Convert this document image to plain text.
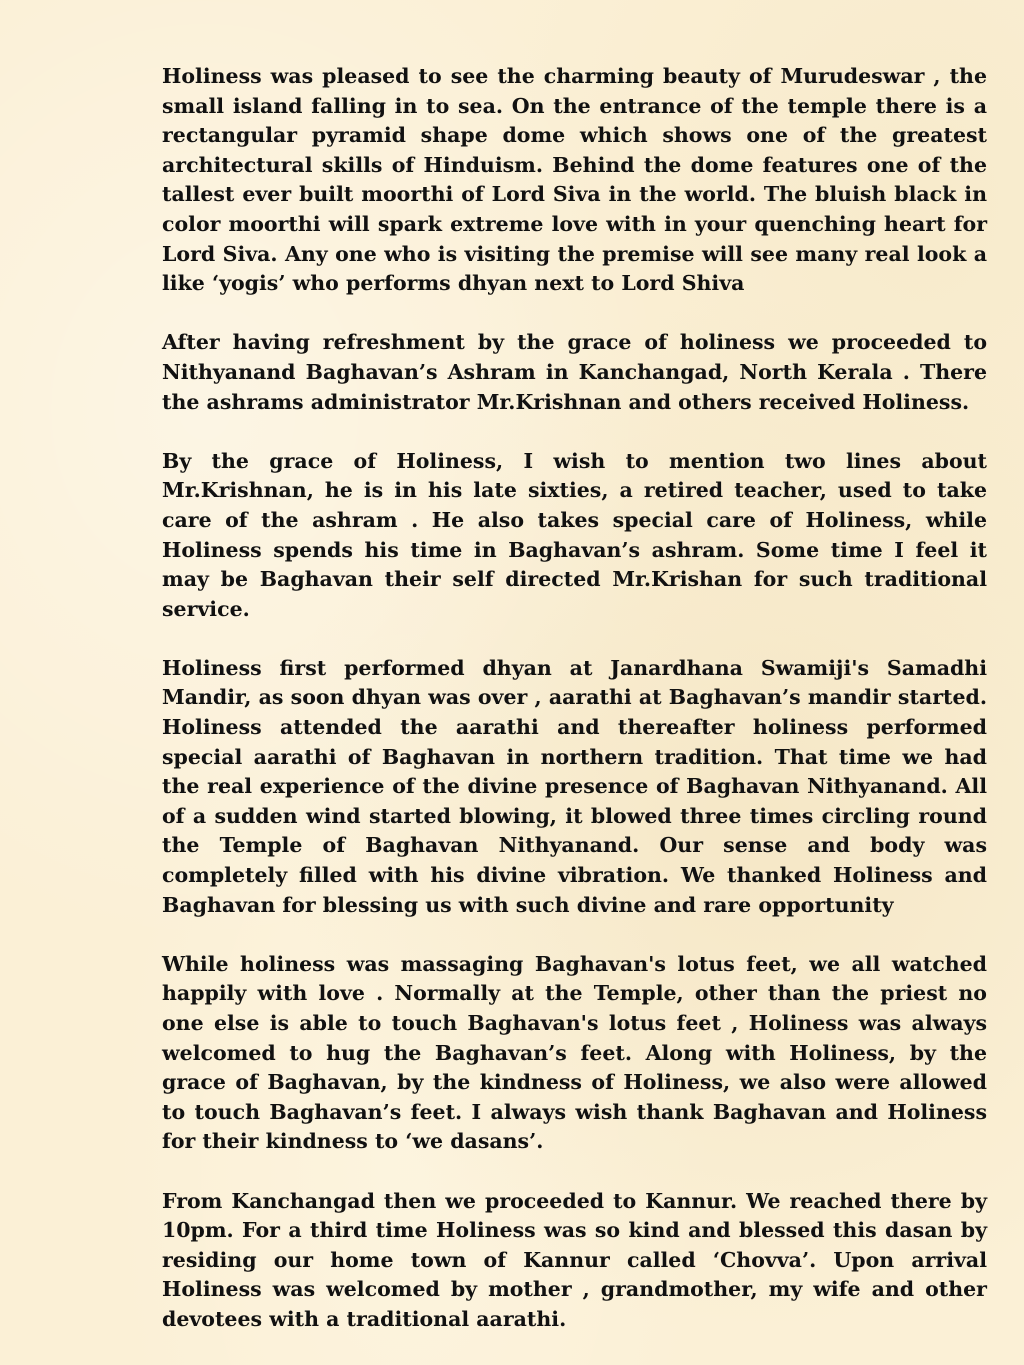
Holiness was pleased to see the charming beauty of Murudeswar , the small island falling in to sea. On the entrance of the temple there is a rectangular pyramid shape dome which shows one of the greatest architectural skills of Hinduism. Behind the dome features one of the tallest ever built moorthi of Lord Siva in the world. The bluish black in color moorthi will spark extreme love with in your quenching heart for Lord Siva. Any one who is visiting the premise will see many real look a like ‘yogis’ who performs dhyan next to Lord Shiva

After having refreshment by the grace of holiness we proceeded to Nithyanand Baghavan’s Ashram in Kanchangad, North Kerala . There the ashrams administrator Mr.Krishnan and others received Holiness.

By the grace of Holiness, I wish to mention two lines about Mr.Krishnan, he is in his late sixties, a retired teacher, used to take care of the ashram . He also takes special care of Holiness, while Holiness spends his time in Baghavan’s ashram. Some time I feel it may be Baghavan their self directed Mr.Krishan for such traditional service.

Holiness first performed dhyan at Janardhana Swamiji's Samadhi Mandir, as soon dhyan was over , aarathi at Baghavan’s mandir started. Holiness attended the aarathi and thereafter holiness performed special aarathi of Baghavan in northern tradition. That time we had the real experience of the divine presence of Baghavan Nithyanand. All of a sudden wind started blowing, it blowed three times circling round the Temple of Baghavan Nithyanand. Our sense and body was completely filled with his divine vibration. We thanked Holiness and Baghavan for blessing us with such divine and rare opportunity

While holiness was massaging Baghavan's lotus feet, we all watched happily with love . Normally at the Temple, other than the priest no one else is able to touch Baghavan's lotus feet , Holiness was always welcomed to hug the Baghavan’s feet. Along with Holiness, by the grace of Baghavan, by the kindness of Holiness, we also were allowed to touch Baghavan’s feet. I always wish thank Baghavan and Holiness for their kindness to ‘we dasans’.

From Kanchangad then we proceeded to Kannur. We reached there by 10pm. For a third time Holiness was so kind and blessed this dasan by residing our home town of Kannur called ‘Chovva’. Upon arrival Holiness was welcomed by mother , grandmother, my wife and other devotees with a traditional aarathi.
